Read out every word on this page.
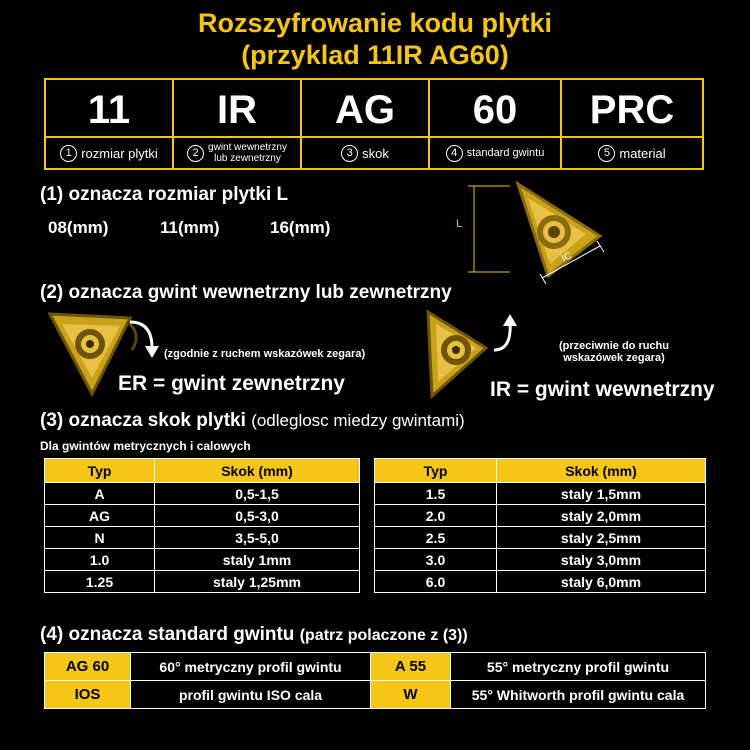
Rozszyfrowanie kodu plytki
(przyklad 11IR AG60)
11
1 rozmiar plytki
IR
2 gwint wewnetrzny
lub zewnetrzny
AG
3 skok
60
4 standard gwintu
PRC
5 material
(1) oznacza rozmiar plytki L
08(mm)	11(mm)	16(mm)	L
IC
(2) oznacza gwint wewnetrzny lub zewnetrzny
(zgodnie z ruchem wskazówek zegara)
ER = gwint zewnetrzny
(przeciwnie do ruchu
wskazówek zegara)
IR = gwint wewnetrzny
(3) oznacza skok plytki (odleglosc miedzy gwintami)
Dla gwintów metrycznych i calowych
Typ	Skok (mm)
A	0,5-1,5
AG	0,5-3,0
N	3,5-5,0
1.0	staly 1mm
1.25	staly 1,25mm
Typ	Skok (mm)
1.5	staly 1,5mm
2.0	staly 2,0mm
2.5	staly 2,5mm
3.0	staly 3,0mm
6.0	staly 6,0mm
(4) oznacza standard gwintu (patrz polaczone z (3))
AG 60	60° metryczny profil gwintu	A 55	55° metryczny profil gwintu
IOS	profil gwintu ISO cala	W	55° Whitworth profil gwintu cala
